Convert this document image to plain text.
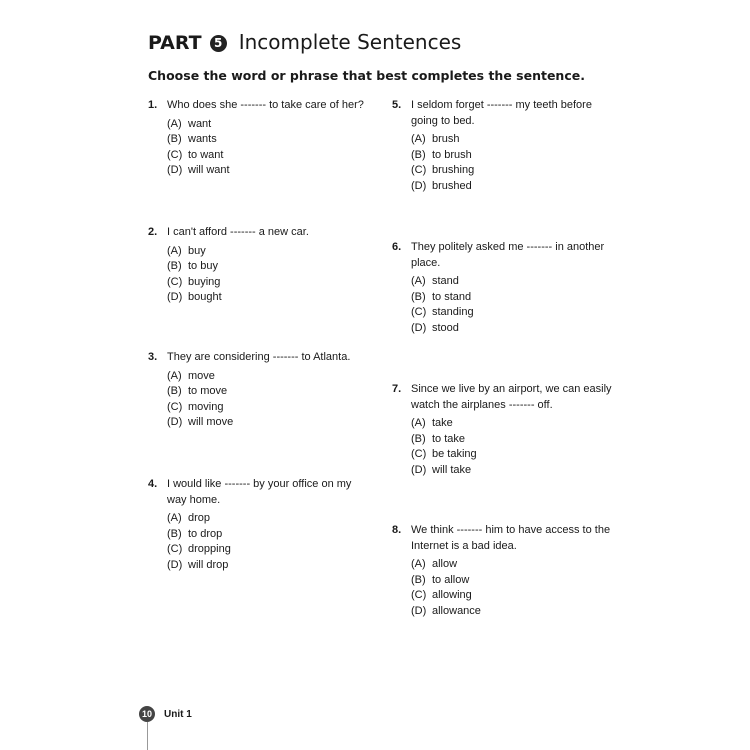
PART 5 Incomplete Sentences
Choose the word or phrase that best completes the sentence.
1. Who does she ------- to take care of her?
(A) want
(B) wants
(C) to want
(D) will want
2. I can't afford ------- a new car.
(A) buy
(B) to buy
(C) buying
(D) bought
3. They are considering ------- to Atlanta.
(A) move
(B) to move
(C) moving
(D) will move
4. I would like ------- by your office on my way home.
(A) drop
(B) to drop
(C) dropping
(D) will drop
5. I seldom forget ------- my teeth before going to bed.
(A) brush
(B) to brush
(C) brushing
(D) brushed
6. They politely asked me ------- in another place.
(A) stand
(B) to stand
(C) standing
(D) stood
7. Since we live by an airport, we can easily watch the airplanes ------- off.
(A) take
(B) to take
(C) be taking
(D) will take
8. We think ------- him to have access to the Internet is a bad idea.
(A) allow
(B) to allow
(C) allowing
(D) allowance
10	Unit 1
